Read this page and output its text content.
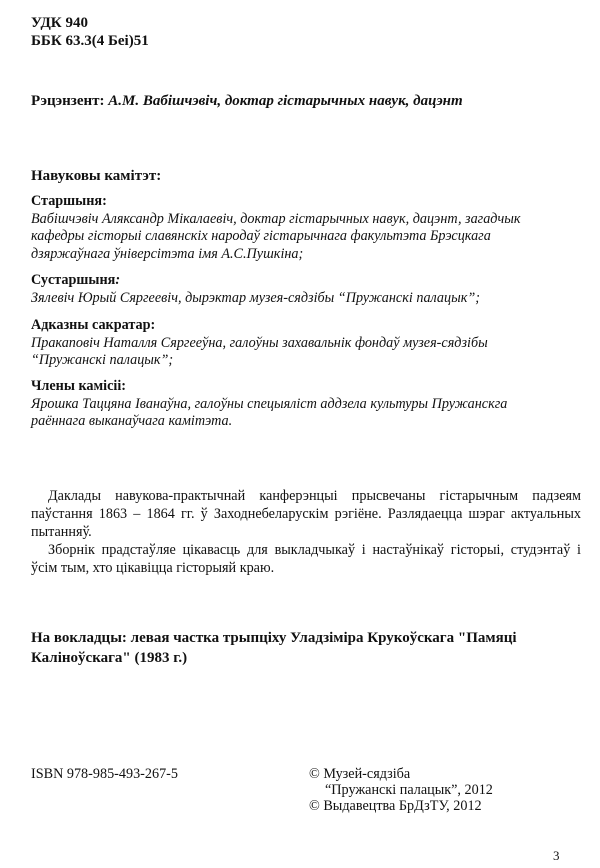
УДК 940
ББК 63.3(4 Беі)51
Рэцэнзент: А.М. Вабішчэвіч, доктар гістарычных навук, дацэнт
Навуковы камітэт:
Старшыня:
Вабішчэвіч Аляксандр Мікалаевіч, доктар гістарычных навук, дацэнт, загадчык
кафедры гісторыі славянскіх народаў гістарычнага факультэта Брэсцкага
дзяржаўнага ўніверсітэта імя А.С.Пушкіна;
Суcтаршыня:
Зялевіч Юрый Сяргеевіч, дырэктар музея-сядзібы “Пружанскі палацык”;
Адказны сакратар:
Пракаповіч Наталля Сяргееўна, галоўны захавальнік фондаў музея-сядзібы
“Пружанскі палацык”;
Члены камісіі:
Ярошка Таццяна Іванаўна, галоўны спецыяліст аддзела культуры Пружанскга
раённага выканаўчага камітэта.

Даклады навукова-практычнай канферэнцыі прысвечаны гістарычным падзеям паўстання 1863 – 1864 гг. ў Заходнебеларускім рэгіёне. Разлядаецца шэраг актуальных пытанняў.

Зборнік прадстаўляе цікавасць для выкладчыкаў і настаўнікаў гісторыі, студэнтаў і ўсім тым, хто цікавіцца гісторыяй краю.

На вокладцы: левая частка трыпціху Уладзіміра Крукоўскага "Памяці Каліноўскага" (1983 г.)
ISBN 978-985-493-267-5	© Музей-сядзіба
“Пружанскі палацык”, 2012
© Выдавецтва БрДзТУ, 2012
3
